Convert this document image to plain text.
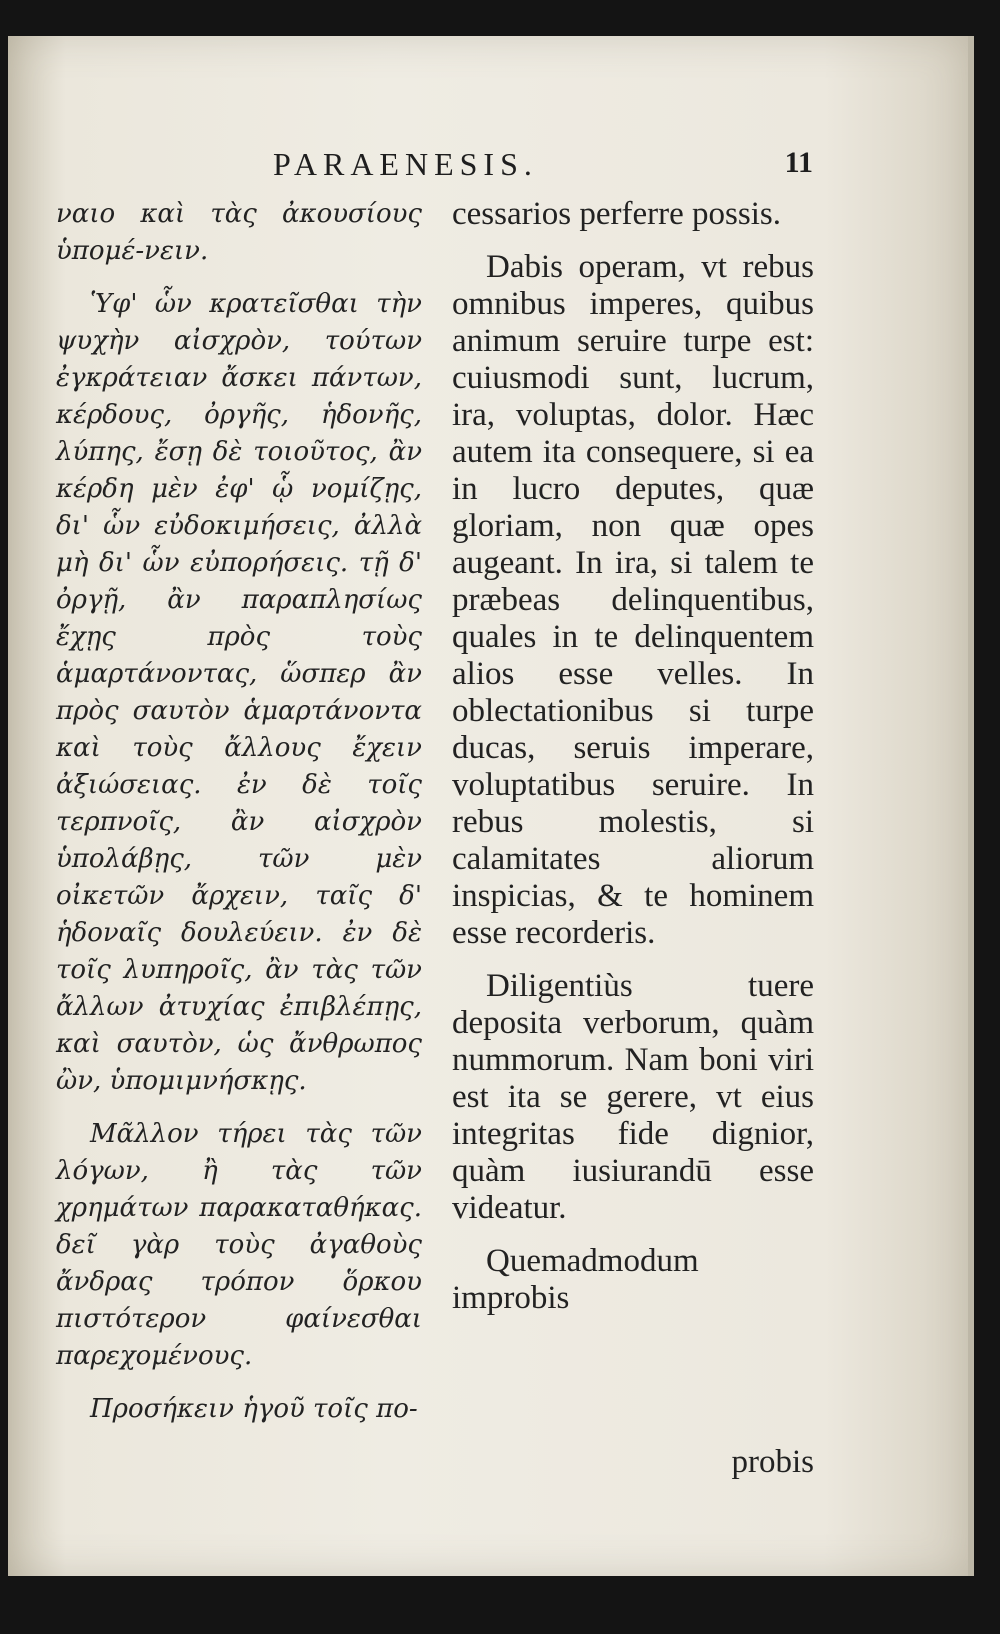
PARAENESIS.	11

ναιο καὶ τὰς ἀκουσίους ὑπομέ-νειν.

Ὑφ' ὧν κρατεῖσθαι τὴν ψυχὴν αἰσχρὸν, τούτων ἐγκράτειαν ἄσκει πάντων, κέρδους, ὀργῆς, ἡδονῆς, λύπης, ἔσῃ δὲ τοιοῦτος, ἂν κέρδη μὲν ἐφ' ᾧ νομίζῃς, δι' ὧν εὐδοκιμήσεις, ἀλλὰ μὴ δι' ὧν εὐπορήσεις. τῇ δ' ὀργῇ, ἂν παραπλησίως ἔχῃς πρὸς τοὺς ἁμαρτάνοντας, ὥσπερ ἂν πρὸς σαυτὸν ἁμαρτάνοντα καὶ τοὺς ἄλλους ἔχειν ἀξιώσειας. ἐν δὲ τοῖς τερπνοῖς, ἂν αἰσχρὸν ὑπολάβῃς, τῶν μὲν οἰκετῶν ἄρχειν, ταῖς δ' ἡδοναῖς δουλεύειν. ἐν δὲ τοῖς λυπηροῖς, ἂν τὰς τῶν ἄλλων ἀτυχίας ἐπιβλέπῃς, καὶ σαυτὸν, ὡς ἄνθρωπος ὢν, ὑπομιμνήσκῃς.

Μᾶλλον τήρει τὰς τῶν λόγων, ἢ τὰς τῶν χρημάτων παρακαταθήκας. δεῖ γὰρ τοὺς ἀγαθοὺς ἄνδρας τρόπον ὅρκου πιστότερον φαίνεσθαι παρεχομένους.

Προσήκειν ἡγοῦ τοῖς πο-

cessarios perferre possis.

Dabis operam, vt rebus omnibus imperes, quibus animum seruire turpe est: cuiusmodi sunt, lucrum, ira, voluptas, dolor. Hæc autem ita consequere, si ea in lucro deputes, quæ gloriam, non quæ opes augeant. In ira, si talem te præbeas delinquentibus, quales in te delinquentem alios esse velles. In oblectationibus si turpe ducas, seruis imperare, voluptatibus seruire. In rebus molestis, si calamitates aliorum inspicias, & te hominem esse recorderis.

Diligentiùs tuere deposita verborum, quàm nummorum. Nam boni viri est ita se gerere, vt eius integritas fide dignior, quàm iusiurandū esse videatur.

Quemadmodum improbis

probis
